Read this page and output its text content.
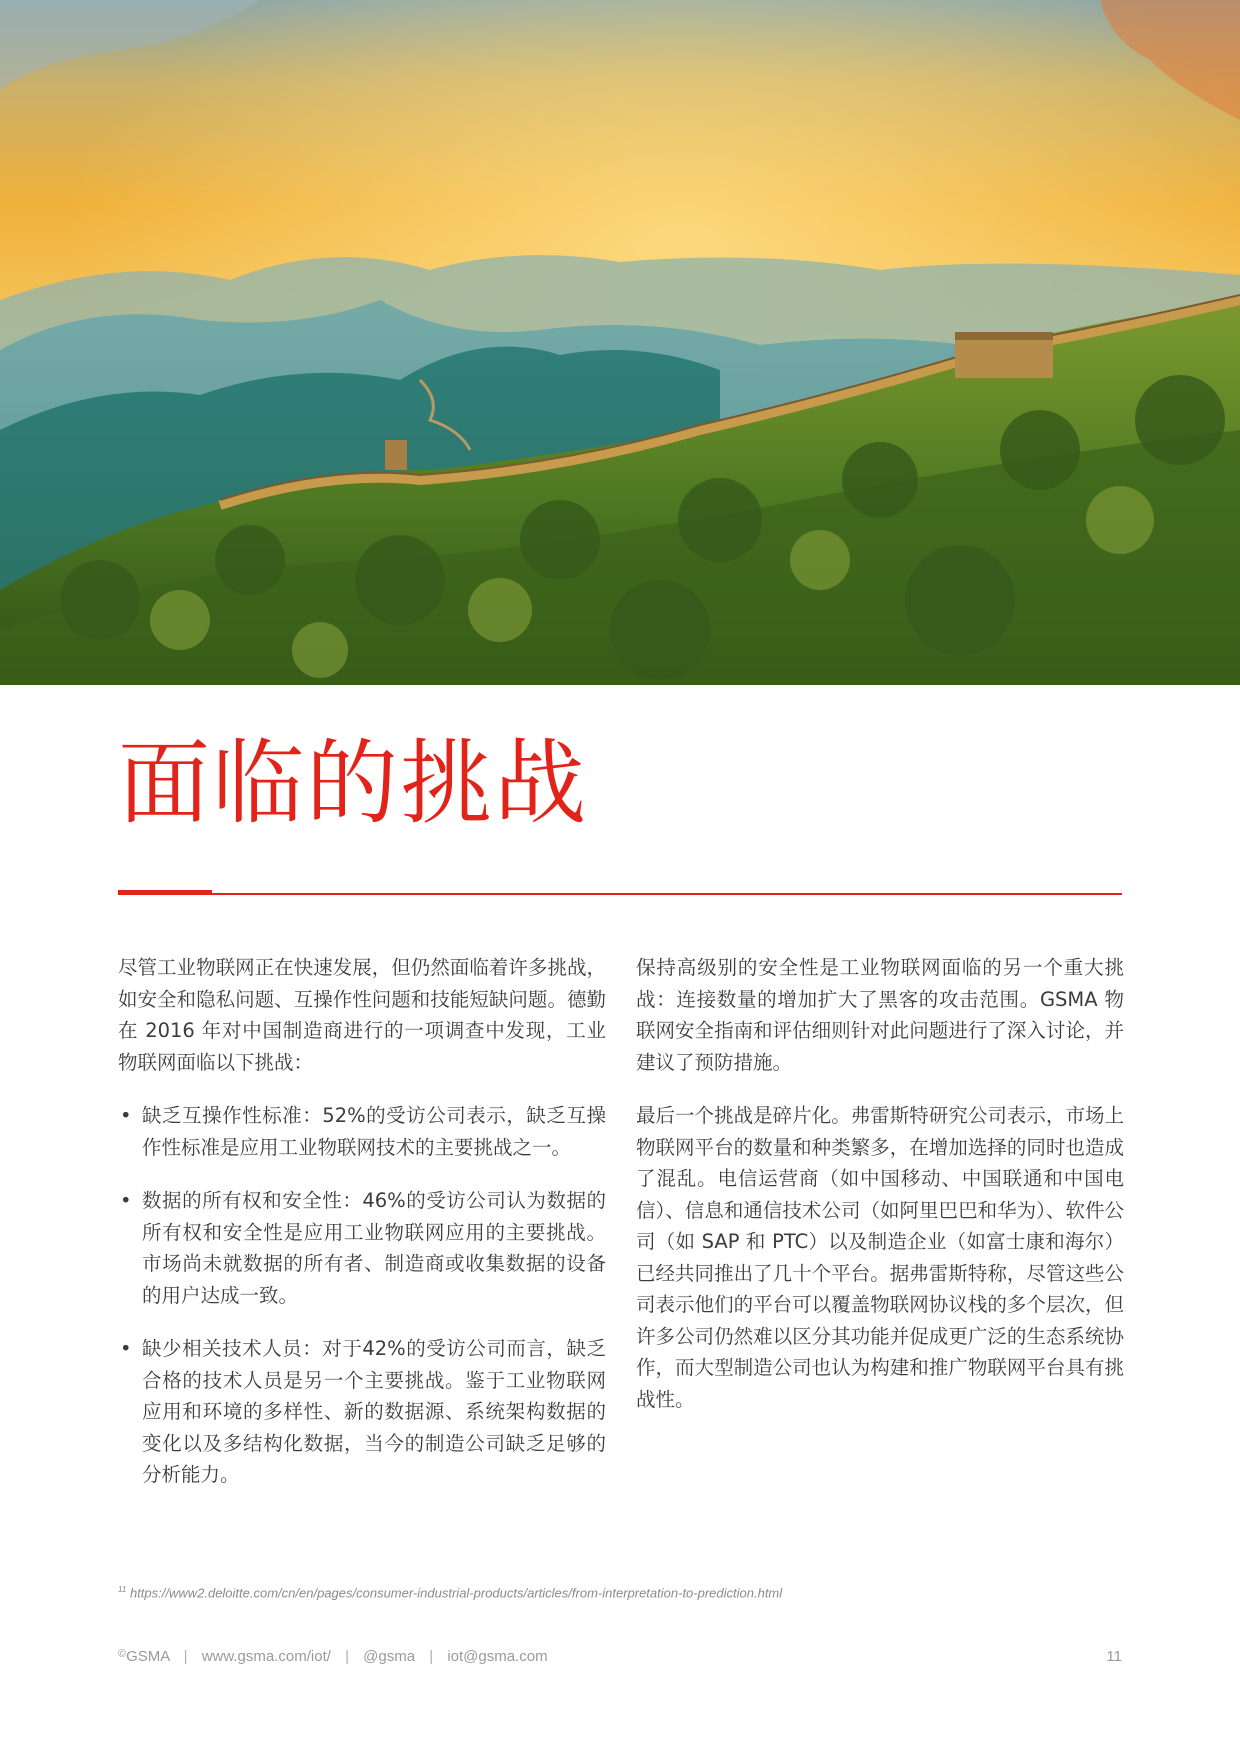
面临的挑战

尽管工业物联网正在快速发展，但仍然面临着许多挑战，如安全和隐私问题、互操作性问题和技能短缺问题。德勤 在 2016 年对中国制造商进行的一项调查中发现，工业物联网面临以下挑战：

• 缺乏互操作性标准：52%的受访公司表示，缺乏互操作性标准是应用工业物联网技术的主要挑战之一。
• 数据的所有权和安全性：46%的受访公司认为数据的所有权和安全性是应用工业物联网应用的主要挑战。市场尚未就数据的所有者、制造商或收集数据的设备的用户达成一致。
• 缺少相关技术人员：对于42%的受访公司而言，缺乏合格的技术人员是另一个主要挑战。鉴于工业物联网应用和环境的多样性、新的数据源、系统架构数据的变化以及多结构化数据，当今的制造公司缺乏足够的分析能力。

保持高级别的安全性是工业物联网面临的另一个重大挑战：连接数量的增加扩大了黑客的攻击范围。GSMA 物联网安全指南和评估细则针对此问题进行了深入讨论，并建议了预防措施。

最后一个挑战是碎片化。弗雷斯特研究公司表示，市场上物联网平台的数量和种类繁多，在增加选择的同时也造成了混乱。电信运营商（如中国移动、中国联通和中国电信）、信息和通信技术公司（如阿里巴巴和华为）、软件公司（如 SAP 和 PTC）以及制造企业（如富士康和海尔）已经共同推出了几十个平台。据弗雷斯特称，尽管这些公司表示他们的平台可以覆盖物联网协议栈的多个层次，但许多公司仍然难以区分其功能并促成更广泛的生态系统协作，而大型制造公司也认为构建和推广物联网平台具有挑战性。

$^{11}$ https://www2.deloitte.com/cn/en/pages/consumer-industrial-products/articles/from-interpretation-to-prediction.html
©GSMA | www.gsma.com/iot/ | @gsma | iot@gsma.com	11
